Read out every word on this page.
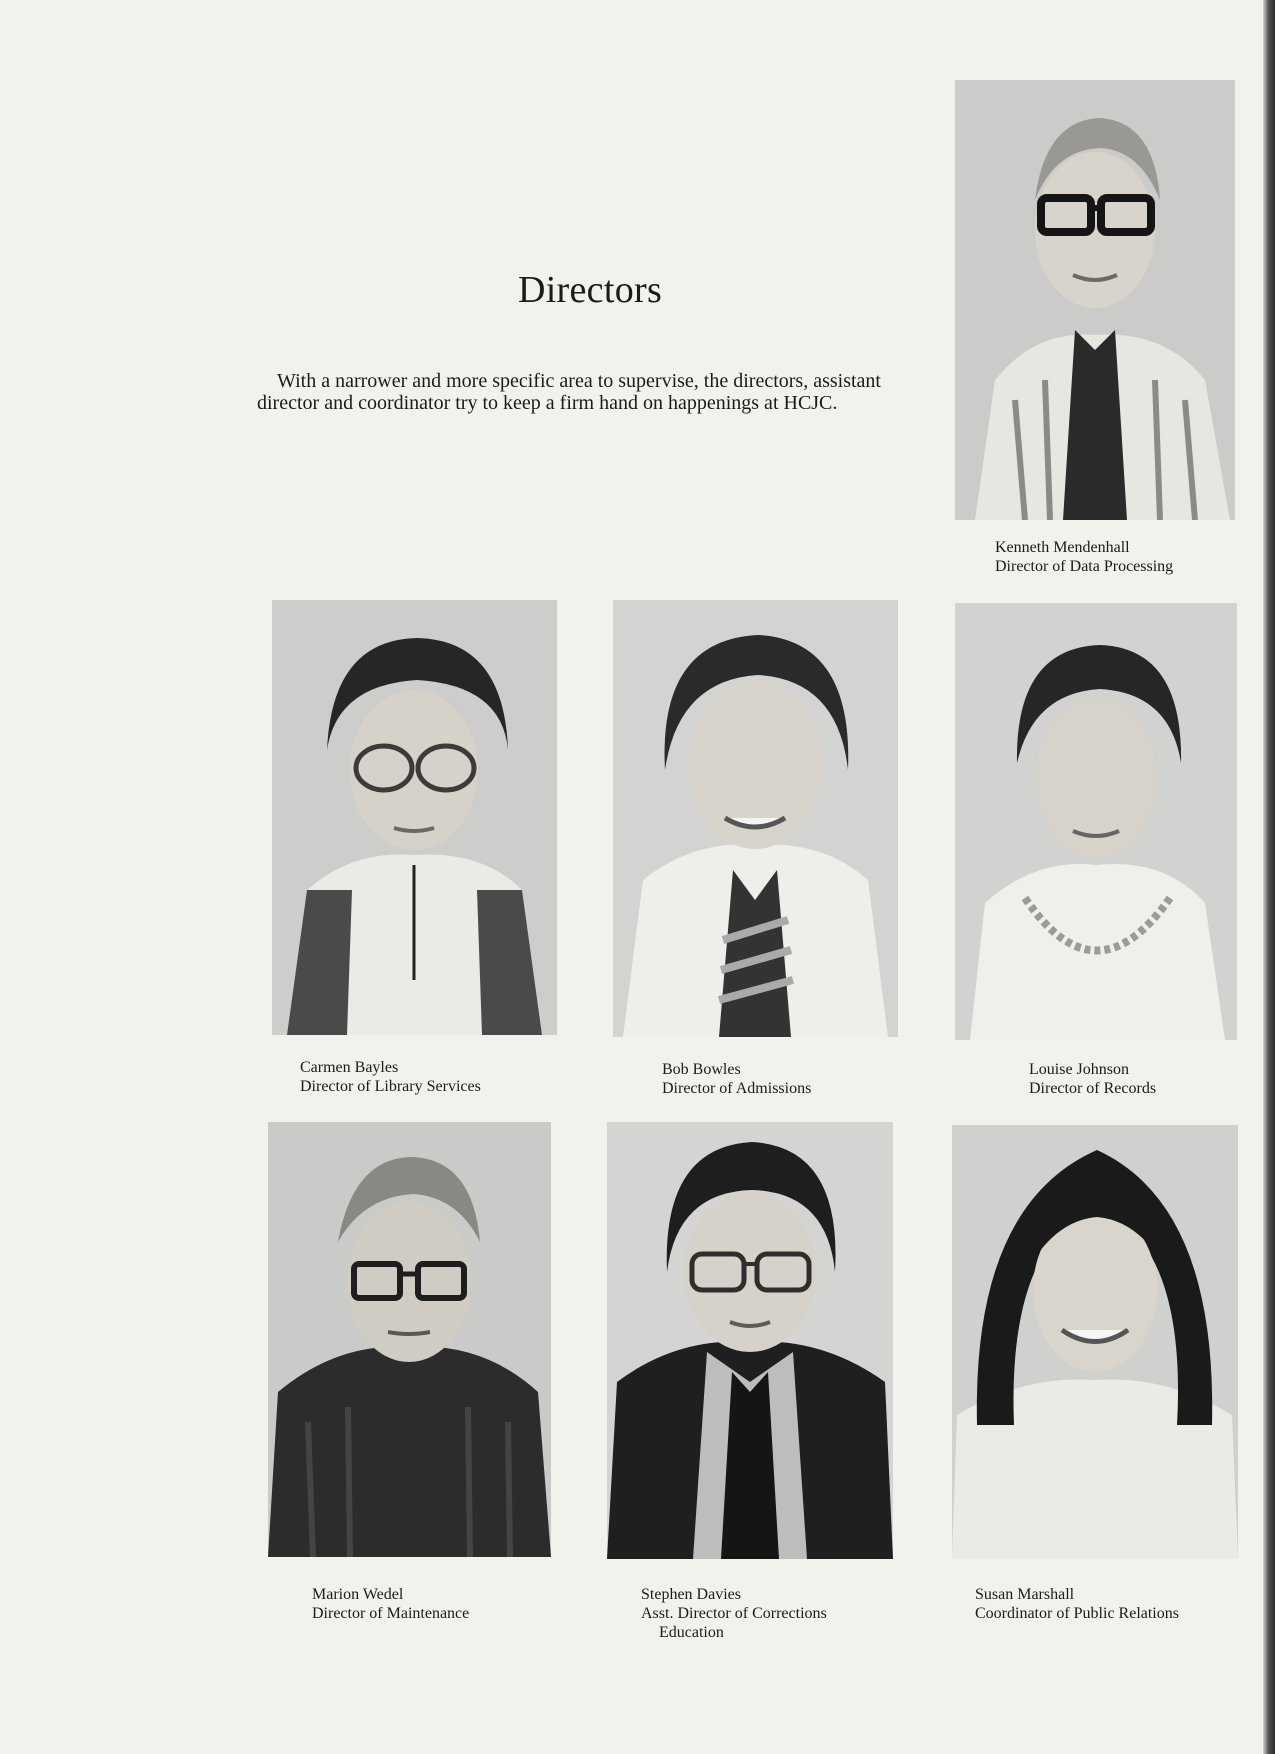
Directors

With a narrower and more specific area to supervise, the directors, assistant director and coordinator try to keep a firm hand on happenings at HCJC.

Kenneth Mendenhall
Director of Data Processing

Carmen Bayles
Director of Library Services

Bob Bowles
Director of Admissions

Louise Johnson
Director of Records

Marion Wedel
Director of Maintenance

Stephen Davies
Asst. Director of Corrections
Education

Susan Marshall
Coordinator of Public Relations
